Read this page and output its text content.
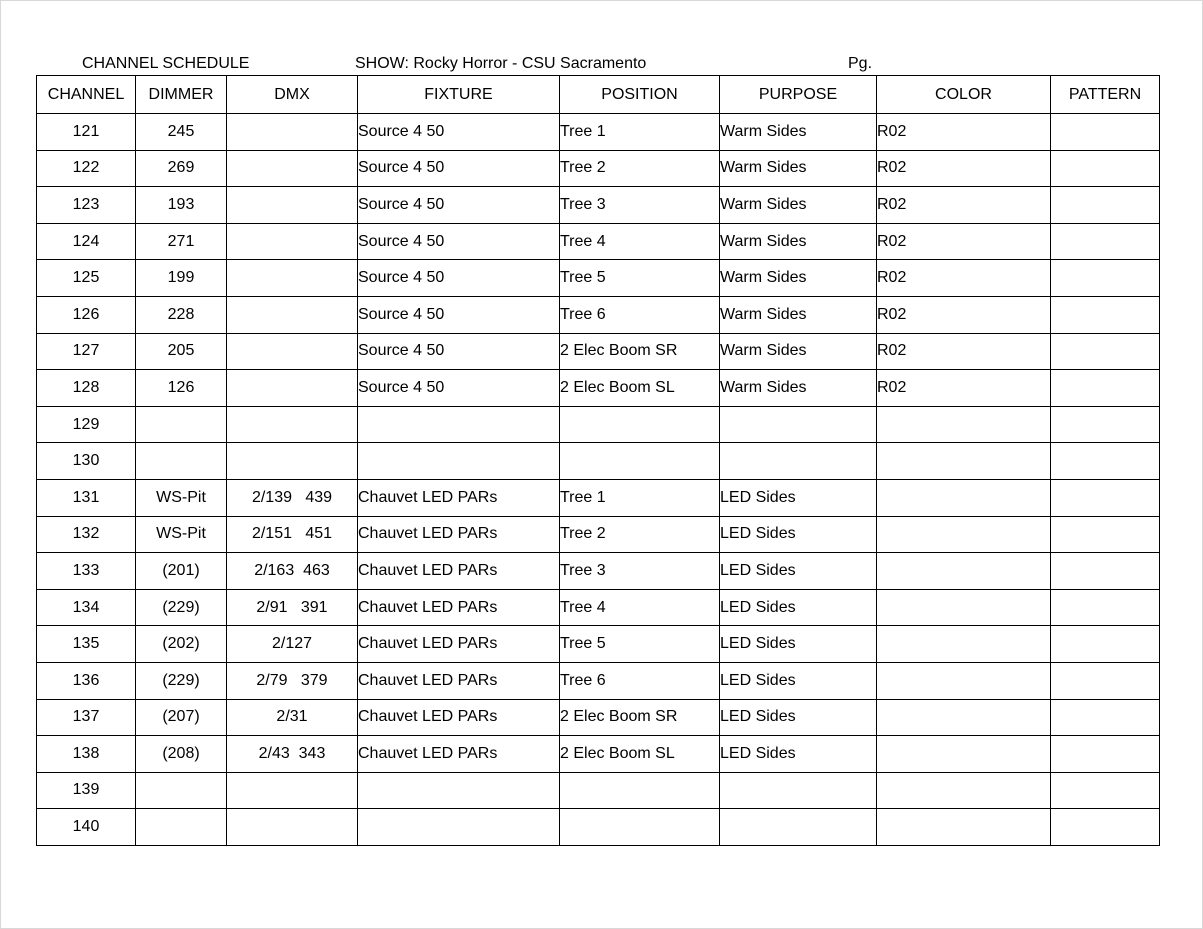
CHANNEL SCHEDULE	SHOW: Rocky Horror - CSU Sacramento	Pg.
CHANNEL	DIMMER	DMX	FIXTURE	POSITION	PURPOSE	COLOR	PATTERN
121	245		Source 4 50	Tree 1	Warm Sides	R02	
122	269		Source 4 50	Tree 2	Warm Sides	R02	
123	193		Source 4 50	Tree 3	Warm Sides	R02	
124	271		Source 4 50	Tree 4	Warm Sides	R02	
125	199		Source 4 50	Tree 5	Warm Sides	R02	
126	228		Source 4 50	Tree 6	Warm Sides	R02	
127	205		Source 4 50	2 Elec Boom SR	Warm Sides	R02	
128	126		Source 4 50	2 Elec Boom SL	Warm Sides	R02	
129							
130							
131	WS-Pit	2/139   439	Chauvet LED PARs	Tree 1	LED Sides		
132	WS-Pit	2/151   451	Chauvet LED PARs	Tree 2	LED Sides		
133	(201)	2/163  463	Chauvet LED PARs	Tree 3	LED Sides		
134	(229)	2/91   391	Chauvet LED PARs	Tree 4	LED Sides		
135	(202)	2/127	Chauvet LED PARs	Tree 5	LED Sides		
136	(229)	2/79   379	Chauvet LED PARs	Tree 6	LED Sides		
137	(207)	2/31	Chauvet LED PARs	2 Elec Boom SR	LED Sides		
138	(208)	2/43  343	Chauvet LED PARs	2 Elec Boom SL	LED Sides		
139							
140							
